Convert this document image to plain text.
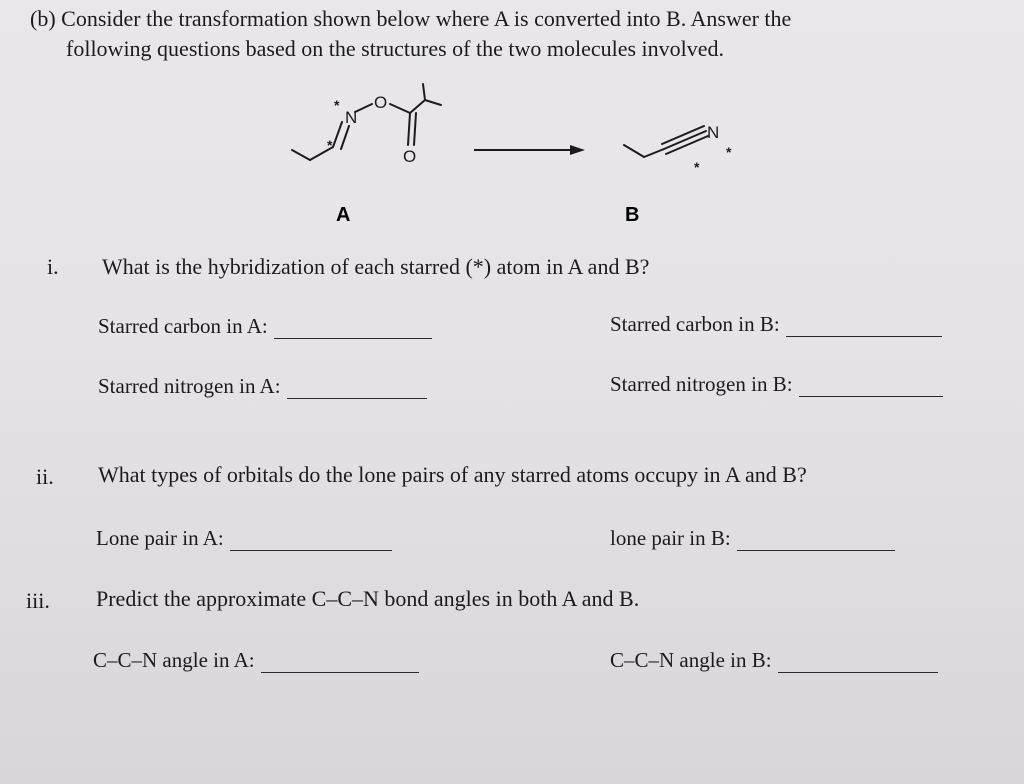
(b) Consider the transformation shown below where A is converted into B. Answer the
following questions based on the structures of the two molecules involved.
N
O
O
*
*
N
*
*
A	B
i. What is the hybridization of each starred (*) atom in A and B?
Starred carbon in A:	Starred carbon in B:
Starred nitrogen in A:	Starred nitrogen in B:
ii. What types of orbitals do the lone pairs of any starred atoms occupy in A and B?
Lone pair in A:	lone pair in B:
iii. Predict the approximate C–C–N bond angles in both A and B.
C–C–N angle in A:	C–C–N angle in B:
